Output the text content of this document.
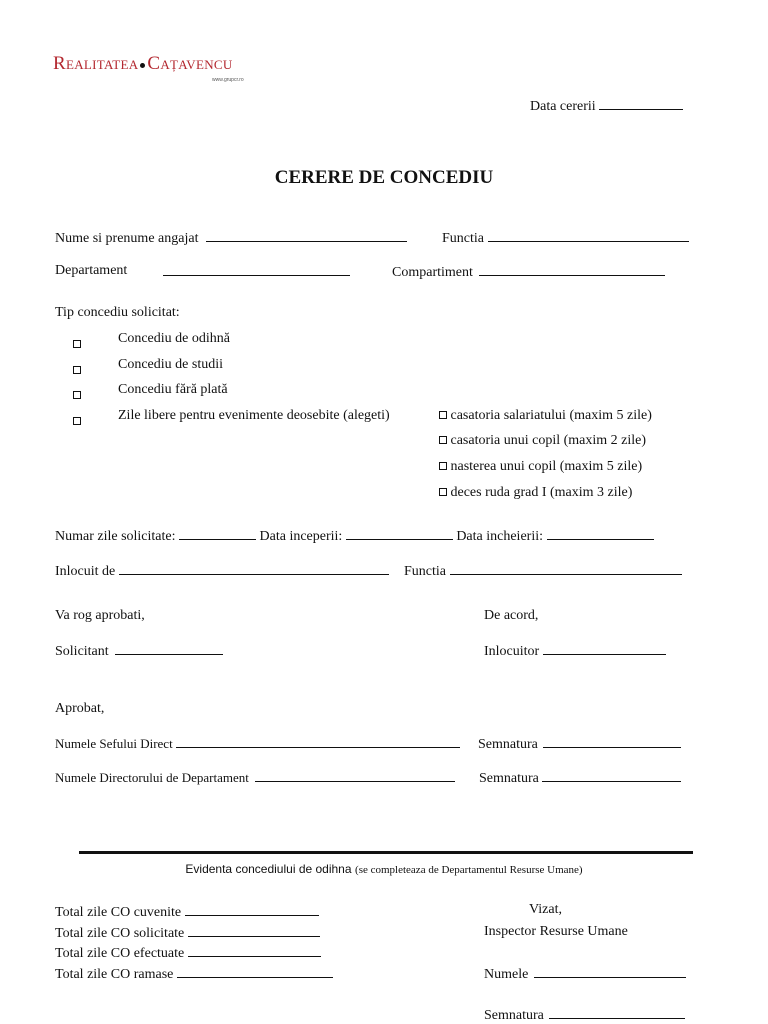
Realitatea Cațavencu
www.grupcr.ro
Data cererii
CERERE DE CONCEDIU
Nume si prenume angajat	Functia
Departament	Compartiment
Tip concediu solicitat:
Concediu de odihnă
Concediu de studii
Concediu fără plată
Zile libere pentru evenimente deosebite (alegeti)	casatoria salariatului (maxim 5 zile)
casatoria unui copil (maxim 2 zile)
nasterea unui copil (maxim 5 zile)
deces ruda grad I (maxim 3 zile)
Numar zile solicitate:	Data inceperii:	Data incheierii:
Inlocuit de	Functia
Va rog aprobati,	De acord,
Solicitant	Inlocuitor
Aprobat,
Numele Sefului Direct	Semnatura
Numele Directorului de Departament	Semnatura
Evidenta concediului de odihna (se completeaza de Departamentul Resurse Umane)
Total zile CO cuvenite
Total zile CO solicitate
Total zile CO efectuate
Total zile CO ramase
Vizat,
Inspector Resurse Umane
Numele
Semnatura
